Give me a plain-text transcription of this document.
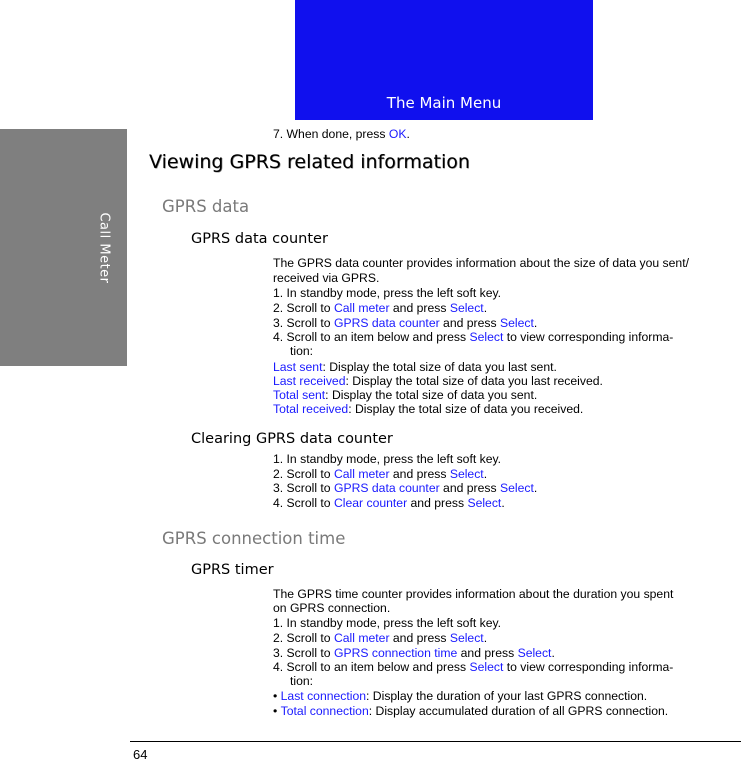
The Main Menu
Call Meter
7. When done, press OK.
Viewing GPRS related information
GPRS data
GPRS data counter
The GPRS data counter provides information about the size of data you sent/
received via GPRS.
1. In standby mode, press the left soft key.
2. Scroll to Call meter and press Select.
3. Scroll to GPRS data counter and press Select.
4. Scroll to an item below and press Select to view corresponding informa-
tion:
Last sent: Display the total size of data you last sent.
Last received: Display the total size of data you last received.
Total sent: Display the total size of data you sent.
Total received: Display the total size of data you received.
Clearing GPRS data counter
1. In standby mode, press the left soft key.
2. Scroll to Call meter and press Select.
3. Scroll to GPRS data counter and press Select.
4. Scroll to Clear counter and press Select.
GPRS connection time
GPRS timer
The GPRS time counter provides information about the duration you spent
on GPRS connection.
1. In standby mode, press the left soft key.
2. Scroll to Call meter and press Select.
3. Scroll to GPRS connection time and press Select.
4. Scroll to an item below and press Select to view corresponding informa-
tion:
• Last connection: Display the duration of your last GPRS connection.
• Total connection: Display accumulated duration of all GPRS connection.
64
